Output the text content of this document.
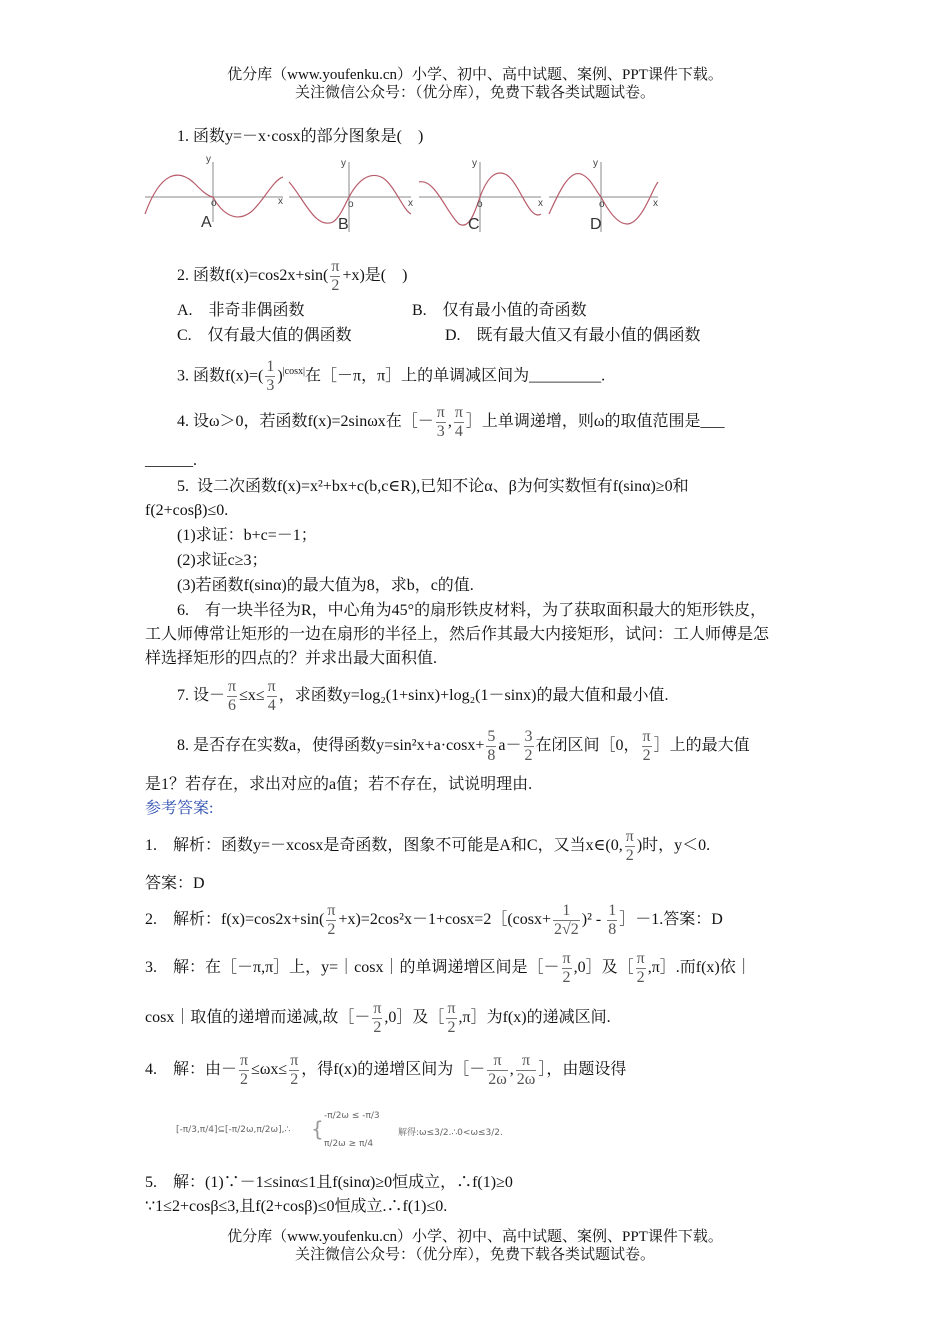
优分库（www.youfenku.cn）小学、初中、高中试题、案例、PPT课件下载。
关注微信公众号：（优分库），免费下载各类试题试卷。
1. 函数y=－x·cosx的部分图象是(　)
y	y	y	y
x	x	x	x
o	o	o	o
A	B	C	D
2. 函数$f(x)=\cos 2x+\sin( \frac{\pi}{2} +x)$是(　)
A.　非奇非偶函数	B.　仅有最小值的奇函数
C.　仅有最大值的偶函数	D.　既有最大值又有最小值的偶函数
3. 函数$f(x)=( \frac{1}{3} )^{|cosx|}$在［－π，π］上的单调减区间为_________.
4. 设ω＞0，若函数f(x)=2sinωx在［－ $\frac{\pi}{3}$ , $\frac{\pi}{4}$ ］上单调递增，则ω的取值范围是___
______.
5. 设二次函数f(x)=x²+bx+c(b,c∈R),已知不论α、β为何实数恒有f(sinα)≥0和
f(2+cosβ)≤0.
(1)求证：b+c=－1；
(2)求证c≥3；
(3)若函数f(sinα)的最大值为8，求b，c的值.
6.　有一块半径为R，中心角为45°的扇形铁皮材料，为了获取面积最大的矩形铁皮，
工人师傅常让矩形的一边在扇形的半径上，然后作其最大内接矩形，试问：工人师傅是怎
样选择矩形的四点的？并求出最大面积值.
7. 设－ $\frac{\pi}{6} \le x\le \frac{\pi}{4}$ ，求函数y=log₂(1+sinx)+log₂(1－sinx)的最大值和最小值.
8. 是否存在实数a，使得函数$y=\sin^2x+a\cdot\cos x+ \frac{5}{8} a- \frac{3}{2}$ 在闭区间［0， $\frac{\pi}{2}$ ］上的最大值
是1？若存在，求出对应的a值；若不存在，试说明理由.
参考答案:
1.　解析：函数y=－xcosx是奇函数，图象不可能是A和C，又当x∈(0, $\frac{\pi}{2}$ )时，y＜0.
答案：D
2.　解析：$f(x)=\cos 2x+\sin( \frac{\pi}{2}$ +x)=2cos²x－1+cosx=2［(cosx+ $\frac{1}{2√2} )^2 - \frac{1}{8}$ ］－1.答案：D
3.　解：在［－π,π］上，y=｜cosx｜的单调递增区间是［－ $\frac{\pi}{2}$ ,0］及［ $\frac{\pi}{2}$ ,π］.而f(x)依｜
cosx｜取值的递增而递减,故［－ $\frac{\pi}{2}$ ,0］及［ $\frac{\pi}{2}$ ,π］为f(x)的递减区间.
4.　解：由－ $\frac{\pi}{2} \le\omega x\le \frac{\pi}{2}$ ，得f(x)的递增区间为［－ $\frac{\pi}{2\omega}$ , $\frac{\pi}{2\omega}$ ］，由题设得
[-π/3,π/4]⊆[-π/2ω,π/2ω],∴ {
-π/2ω ≤ -π/3
π/2ω ≥ π/4
解得:ω≤3/2.∴0<ω≤3/2.
5.　解：(1)∵－1≤sinα≤1且f(sinα)≥0恒成立，∴f(1)≥0
∵1≤2+cosβ≤3,且f(2+cosβ)≤0恒成立.∴f(1)≤0.
优分库（www.youfenku.cn）小学、初中、高中试题、案例、PPT课件下载。
关注微信公众号：（优分库），免费下载各类试题试卷。
